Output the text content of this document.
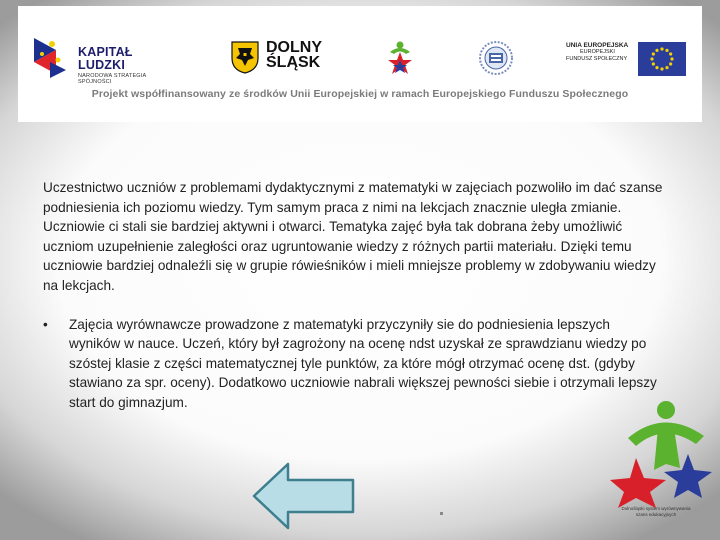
KAPITAŁ LUDZKI
NARODOWA STRATEGIA SPÓJNOŚCI
DOLNY
ŚLĄSK
UNIA EUROPEJSKA
EUROPEJSKI
FUNDUSZ SPOŁECZNY
Projekt współfinansowany ze środków Unii Europejskiej w ramach Europejskiego Funduszu Społecznego

Uczestnictwo uczniów z problemami dydaktycznymi z matematyki w zajęciach pozwoliło im dać szanse podniesienia ich poziomu wiedzy. Tym samym praca z nimi na lekcjach znacznie uległa zmianie. Uczniowie ci stali sie bardziej aktywni i otwarci. Tematyka zajęć była tak dobrana żeby umożliwić uczniom uzupełnienie zaległości oraz ugruntowanie wiedzy z różnych partii materiału. Dzięki temu uczniowie bardziej odnaleźli się w grupie rówieśników i mieli mniejsze problemy w zdobywaniu wiedzy na lekcjach.

•	Zajęcia wyrównawcze prowadzone z matematyki przyczyniły sie do podniesienia lepszych wyników w nauce. Uczeń, który był zagrożony na ocenę ndst uzyskał ze sprawdzianu wiedzy po szóstej klasie z części matematycznej tyle punktów, za które mógł otrzymać ocenę dst. (gdyby stawiano za spr. oceny). Dodatkowo uczniowie nabrali większej pewności siebie i otrzymali lepszy start do gimnazjum.
Dolnośląski system wyrównywania szans edukacyjnych
